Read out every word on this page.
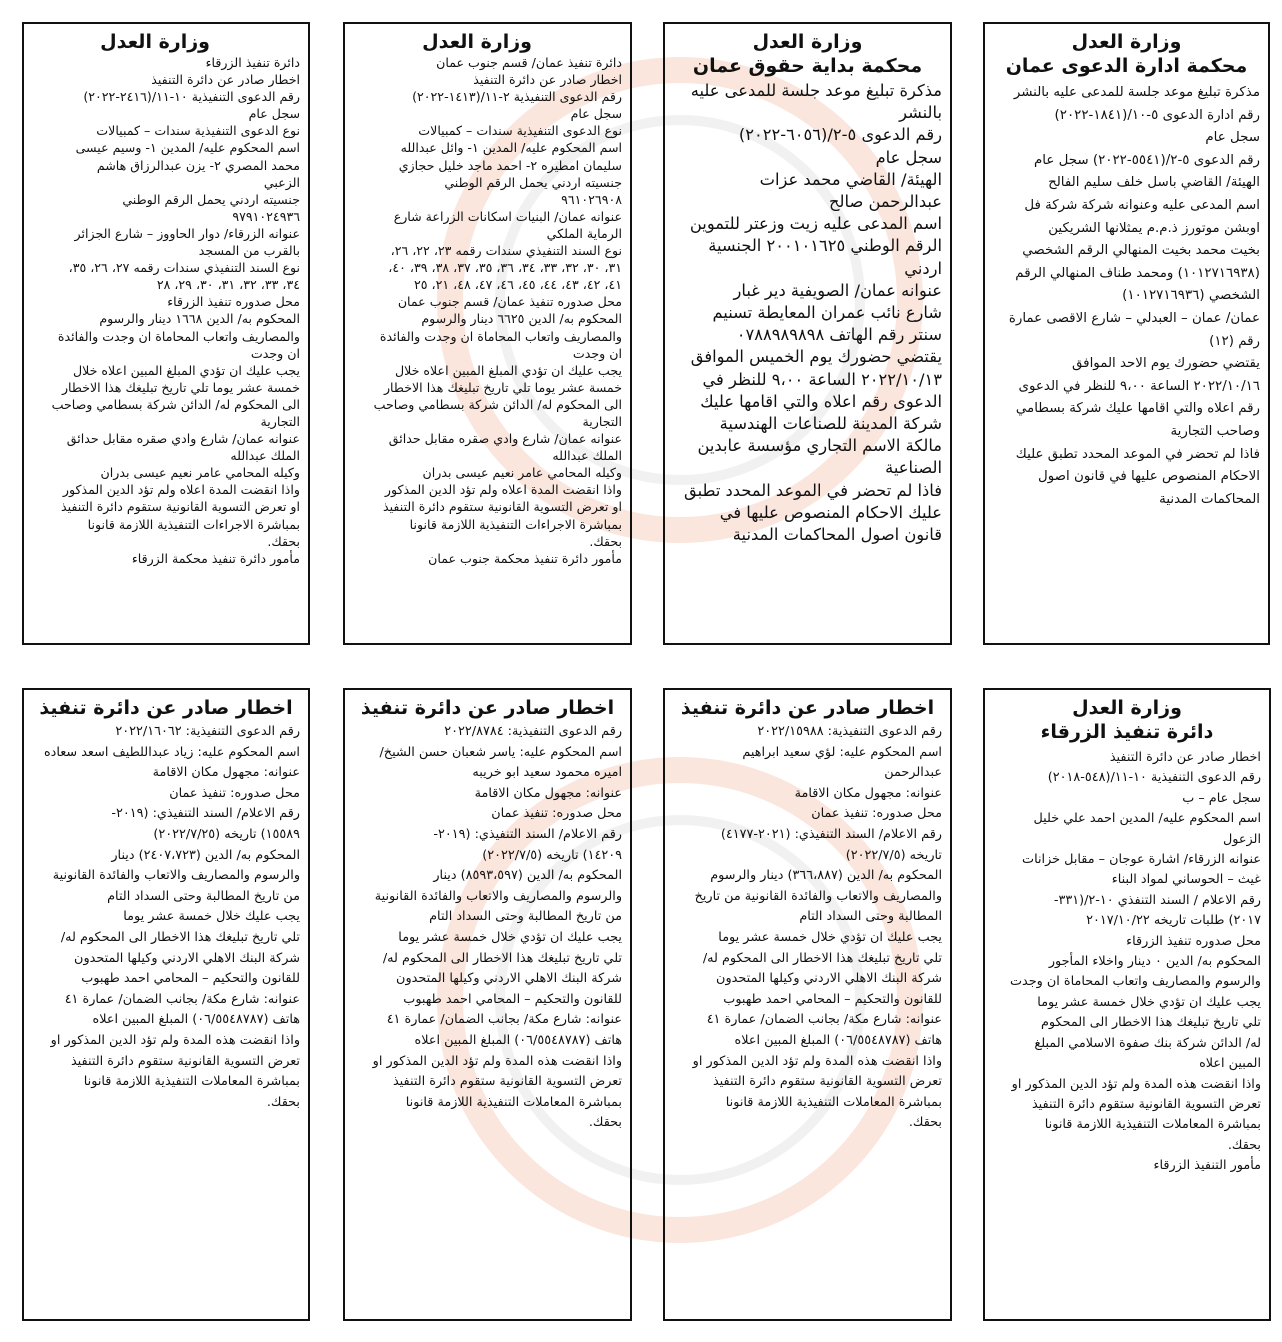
وزارة العدل
محكمة ادارة الدعوى عمان
مذكرة تبليغ موعد جلسة للمدعى عليه بالنشر
رقم ادارة الدعوى ٥-١٠/(١٨٤١-٢٠٢٢)
سجل عام
رقم الدعوى ٥-٢/(٥٥٤١-٢٠٢٢) سجل عام
الهيئة/ القاضي باسل خلف سليم الفالح
اسم المدعى عليه وعنوانه شركة شركة فل
اوبشن موتورز ذ.م.م يمثلانها الشريكين
بخيت محمد بخيت المنهالي الرقم الشخصي
(١٠١٢٧١٦٩٣٨) ومحمد طناف المنهالي الرقم
الشخصي (١٠١٢٧١٦٩٣٦)
عمان/ عمان – العبدلي – شارع الاقصى عمارة
رقم (١٢)
يقتضي حضورك يوم الاحد الموافق
٢٠٢٢/١٠/١٦ الساعة ٩،٠٠ للنظر في الدعوى
رقم اعلاه والتي اقامها عليك شركة بسطامي
وصاحب التجارية
فاذا لم تحضر في الموعد المحدد تطبق عليك
الاحكام المنصوص عليها في قانون اصول
المحاكمات المدنية
وزارة العدل
محكمة بداية حقوق عمان
مذكرة تبليغ موعد جلسة للمدعى عليه
بالنشر
رقم الدعوى ٥-٢/(٦٠٥٦-٢٠٢٢)
سجل عام
الهيئة/ القاضي محمد عزات
عبدالرحمن صالح
اسم المدعى عليه زيت وزعتر للتموين
الرقم الوطني ٢٠٠١٠١٦٢٥ الجنسية
اردني
عنوانه عمان/ الصويفية دير غبار
شارع نائب عمران المعايطة تسنيم
سنتر رقم الهاتف ٠٧٨٨٩٨٩٨٩٨
يقتضي حضورك يوم الخميس الموافق
٢٠٢٢/١٠/١٣ الساعة ٩،٠٠ للنظر في
الدعوى رقم اعلاه والتي اقامها عليك
شركة المدينة للصناعات الهندسية
مالكة الاسم التجاري مؤسسة عابدين
الصناعية
فاذا لم تحضر في الموعد المحدد تطبق
عليك الاحكام المنصوص عليها في
قانون اصول المحاكمات المدنية
وزارة العدل
دائرة تنفيذ عمان/ قسم جنوب عمان
اخطار صادر عن دائرة التنفيذ
رقم الدعوى التنفيذية ٢-١١/(١٤١٣-٢٠٢٢)
سجل عام
نوع الدعوى التنفيذية سندات – كمبيالات
اسم المحكوم عليه/ المدين ١- وائل عبدالله
سليمان امطيره ٢- احمد ماجد خليل حجازي
جنسيته اردني يحمل الرقم الوطني
٩٦١٠٢٦٩٠٨
عنوانه عمان/ البنيات اسكانات الزراعة شارع
الرماية الملكي
نوع السند التنفيذي سندات رقمه ٢٣، ٢٢، ٢٦،
٣١، ٣٠، ٣٢، ٣٣، ٣٤، ٣٦، ٣٥، ٣٧، ٣٨، ٣٩، ٤٠،
٤١، ٤٢، ٤٣، ٤٤، ٤٥، ٤٦، ٤٧، ٤٨، ٢١، ٢٥
محل صدوره تنفيذ عمان/ قسم جنوب عمان
المحكوم به/ الدين ٦٦٢٥ دينار والرسوم
والمصاريف واتعاب المحاماة ان وجدت والفائدة
ان وجدت
يجب عليك ان تؤدي المبلغ المبين اعلاه خلال
خمسة عشر يوما تلي تاريخ تبليغك هذا الاخطار
الى المحكوم له/ الدائن شركة بسطامي وصاحب
التجارية
عنوانه عمان/ شارع وادي صقره مقابل حدائق
الملك عبدالله
وكيله المحامي عامر نعيم عيسى بدران
واذا انقضت المدة اعلاه ولم تؤد الدين المذكور
او تعرض التسوية القانونية ستقوم دائرة التنفيذ
بمباشرة الاجراءات التنفيذية اللازمة قانونا
بحقك.
مأمور دائرة تنفيذ محكمة جنوب عمان
وزارة العدل
دائرة تنفيذ الزرقاء
اخطار صادر عن دائرة التنفيذ
رقم الدعوى التنفيذية ١٠-١١/(٢٤١٦-٢٠٢٢)
سجل عام
نوع الدعوى التنفيذية سندات – كمبيالات
اسم المحكوم عليه/ المدين ١- وسيم عيسى
محمد المصري ٢- يزن عبدالرزاق هاشم
الزعبي
جنسيته اردني يحمل الرقم الوطني
٩٧٩١٠٢٤٩٣٦
عنوانه الزرقاء/ دوار الحاووز – شارع الجزائر
بالقرب من المسجد
نوع السند التنفيذي سندات رقمه ٢٧، ٢٦، ٣٥،
٣٤، ٣٣، ٣٢، ٣١، ٣٠، ٢٩، ٢٨
محل صدوره تنفيذ الزرقاء
المحكوم به/ الدين ١٦٦٨ دينار والرسوم
والمصاريف واتعاب المحاماة ان وجدت والفائدة
ان وجدت
يجب عليك ان تؤدي المبلغ المبين اعلاه خلال
خمسة عشر يوما تلي تاريخ تبليغك هذا الاخطار
الى المحكوم له/ الدائن شركة بسطامي وصاحب
التجارية
عنوانه عمان/ شارع وادي صقره مقابل حدائق
الملك عبدالله
وكيله المحامي عامر نعيم عيسى بدران
واذا انقضت المدة اعلاه ولم تؤد الدين المذكور
او تعرض التسوية القانونية ستقوم دائرة التنفيذ
بمباشرة الاجراءات التنفيذية اللازمة قانونا
بحقك.
مأمور دائرة تنفيذ محكمة الزرقاء
وزارة العدل
دائرة تنفيذ الزرقاء
اخطار صادر عن دائرة التنفيذ
رقم الدعوى التنفيذية ١٠-١١/(٥٤٨-٢٠١٨)
سجل عام – ب
اسم المحكوم عليه/ المدين احمد علي خليل
الزعول
عنوانه الزرقاء/ اشارة عوجان – مقابل خزانات
غيث – الحوساني لمواد البناء
رقم الاعلام / السند التنفذي ١٠-٢/(٣٣١-
٢٠١٧) طلبات تاريخه ٢٠١٧/١٠/٢٢
محل صدوره تنفيذ الزرقاء
المحكوم به/ الدين ٠ دينار واخلاء المأجور
والرسوم والمصاريف واتعاب المحاماة ان وجدت
يجب عليك ان تؤدي خلال خمسة عشر يوما
تلي تاريخ تبليغك هذا الاخطار الى المحكوم
له/ الدائن شركة بنك صفوة الاسلامي المبلغ
المبين اعلاه
واذا انقضت هذه المدة ولم تؤد الدين المذكور او
تعرض التسوية القانونية ستقوم دائرة التنفيذ
بمباشرة المعاملات التنفيذية اللازمة قانونا
بحقك.
مأمور التنفيذ الزرقاء
اخطار صادر عن دائرة تنفيذ
رقم الدعوى التنفيذية: ٢٠٢٢/١٥٩٨٨
اسم المحكوم عليه: لؤي سعيد ابراهيم
عبدالرحمن
عنوانه: مجهول مكان الاقامة
محل صدوره: تنفيذ عمان
رقم الاعلام/ السند التنفيذي: (٢٠٢١-٤١٧٧)
تاريخه (٢٠٢٢/٧/٥)
المحكوم به/ الدين (٣٦٦،٨٨٧) دينار والرسوم
والمصاريف والاتعاب والفائدة القانونية من تاريخ
المطالبة وحتى السداد التام
يجب عليك ان تؤدي خلال خمسة عشر يوما
تلي تاريخ تبليغك هذا الاخطار الى المحكوم له/
شركة البنك الاهلي الاردني وكيلها المتحدون
للقانون والتحكيم – المحامي احمد طهبوب
عنوانه: شارع مكة/ بجانب الضمان/ عمارة ٤١
هاتف (٠٦/٥٥٤٨٧٨٧) المبلغ المبين اعلاه
واذا انقضت هذه المدة ولم تؤد الدين المذكور او
تعرض التسوية القانونية ستقوم دائرة التنفيذ
بمباشرة المعاملات التنفيذية اللازمة قانونا
بحقك.
اخطار صادر عن دائرة تنفيذ
رقم الدعوى التنفيذية: ٢٠٢٢/٨٧٨٤
اسم المحكوم عليه: ياسر شعبان حسن الشيخ/
اميره محمود سعيد ابو خريبه
عنوانه: مجهول مكان الاقامة
محل صدوره: تنفيذ عمان
رقم الاعلام/ السند التنفيذي: (٢٠١٩-
١٤٢٠٩) تاريخه (٢٠٢٢/٧/٥)
المحكوم به/ الدين (٨٥٩٣،٥٩٧) دينار
والرسوم والمصاريف والاتعاب والفائدة القانونية
من تاريخ المطالبة وحتى السداد التام
يجب عليك ان تؤدي خلال خمسة عشر يوما
تلي تاريخ تبليغك هذا الاخطار الى المحكوم له/
شركة البنك الاهلي الاردني وكيلها المتحدون
للقانون والتحكيم – المحامي احمد طهبوب
عنوانه: شارع مكة/ بجانب الضمان/ عمارة ٤١
هاتف (٠٦/٥٥٤٨٧٨٧) المبلغ المبين اعلاه
واذا انقضت هذه المدة ولم تؤد الدين المذكور او
تعرض التسوية القانونية ستقوم دائرة التنفيذ
بمباشرة المعاملات التنفيذية اللازمة قانونا
بحقك.
اخطار صادر عن دائرة تنفيذ
رقم الدعوى التنفيذية: ٢٠٢٢/١٦٠٦٢
اسم المحكوم عليه: زياد عبداللطيف اسعد سعاده
عنوانه: مجهول مكان الاقامة
محل صدوره: تنفيذ عمان
رقم الاعلام/ السند التنفيذي: (٢٠١٩-
١٥٥٨٩) تاريخه (٢٠٢٢/٧/٢٥)
المحكوم به/ الدين (٢٤٠٧،٧٢٣) دينار
والرسوم والمصاريف والاتعاب والفائدة القانونية
من تاريخ المطالبة وحتى السداد التام
يجب عليك خلال خمسة عشر يوما
تلي تاريخ تبليغك هذا الاخطار الى المحكوم له/
شركة البنك الاهلي الاردني وكيلها المتحدون
للقانون والتحكيم – المحامي احمد طهبوب
عنوانه: شارع مكة/ بجانب الضمان/ عمارة ٤١
هاتف (٠٦/٥٥٤٨٧٨٧) المبلغ المبين اعلاه
واذا انقضت هذه المدة ولم تؤد الدين المذكور او
تعرض التسوية القانونية ستقوم دائرة التنفيذ
بمباشرة المعاملات التنفيذية اللازمة قانونا
بحقك.
